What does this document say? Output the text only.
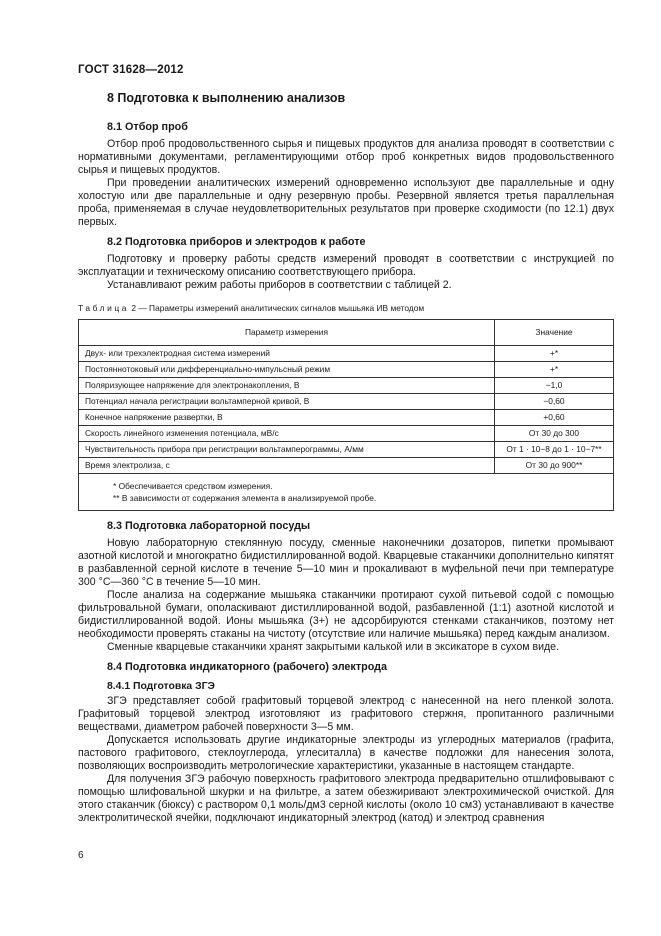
ГОСТ 31628—2012
8 Подготовка к выполнению анализов
8.1 Отбор проб

Отбор проб продовольственного сырья и пищевых продуктов для анализа проводят в соответствии с нормативными документами, регламентирующими отбор проб конкретных видов продовольственного сырья и пищевых продуктов.

При проведении аналитических измерений одновременно используют две параллельные и одну холостую или две параллельные и одну резервную пробы. Резервной является третья параллельная проба, применяемая в случае неудовлетворительных результатов при проверке сходимости (по 12.1) двух первых.

8.2 Подготовка приборов и электродов к работе

Подготовку и проверку работы средств измерений проводят в соответствии с инструкцией по эксплуатации и техническому описанию соответствующего прибора.

Устанавливают режим работы приборов в соответствии с таблицей 2.

Таблица 2 — Параметры измерений аналитических сигналов мышьяка ИВ методом

Параметр измерения	Значение
Двух- или трехэлектродная система измерений	+*
Постояннотоковый или дифференциально-импульсный режим	+*
Поляризующее напряжение для электронакопления, В	−1,0
Потенциал начала регистрации вольтамперной кривой, В	−0,60
Конечное напряжение развертки, В	+0,60
Скорость линейного изменения потенциала, мВ/с	От 30 до 300
Чувствительность прибора при регистрации вольтамперограммы, А/мм	От 1 · 10−8 до 1 · 10−7**
Время электролиза, с	От 30 до 900**

* Обеспечивается средством измерения.
** В зависимости от содержания элемента в анализируемой пробе.	
8.3 Подготовка лабораторной посуды

Новую лабораторную стеклянную посуду, сменные наконечники дозаторов, пипетки промывают азотной кислотой и многократно бидистиллированной водой. Кварцевые стаканчики дополнительно кипятят в разбавленной серной кислоте в течение 5—10 мин и прокаливают в муфельной печи при температуре 300 °С—360 °С в течение 5—10 мин.

После анализа на содержание мышьяка стаканчики протирают сухой питьевой содой с помощью фильтровальной бумаги, ополаскивают дистиллированной водой, разбавленной (1:1) азотной кислотой и бидистиллированной водой. Ионы мышьяка (3+) не адсорбируются стенками стаканчиков, поэтому нет необходимости проверять стаканы на чистоту (отсутствие или наличие мышьяка) перед каждым анализом.

Сменные кварцевые стаканчики хранят закрытыми калькой или в эксикаторе в сухом виде.

8.4 Подготовка индикаторного (рабочего) электрода
8.4.1 Подготовка ЗГЭ

ЗГЭ представляет собой графитовый торцевой электрод с нанесенной на него пленкой золота. Графитовый торцевой электрод изготовляют из графитового стержня, пропитанного различными веществами, диаметром рабочей поверхности 3—5 мм.

Допускается использовать другие индикаторные электроды из углеродных материалов (графита, пастового графитового, стеклоуглерода, углеситалла) в качестве подложки для нанесения золота, позволяющих воспроизводить метрологические характеристики, указанные в настоящем стандарте.

Для получения ЗГЭ рабочую поверхность графитового электрода предварительно отшлифовывают с помощью шлифовальной шкурки и на фильтре, а затем обезжиривают электрохимической очисткой. Для этого стаканчик (бюксу) с раствором 0,1 моль/дм3 серной кислоты (около 10 см3) устанавливают в качестве электролитической ячейки, подключают индикаторный электрод (катод) и электрод сравнения

6
